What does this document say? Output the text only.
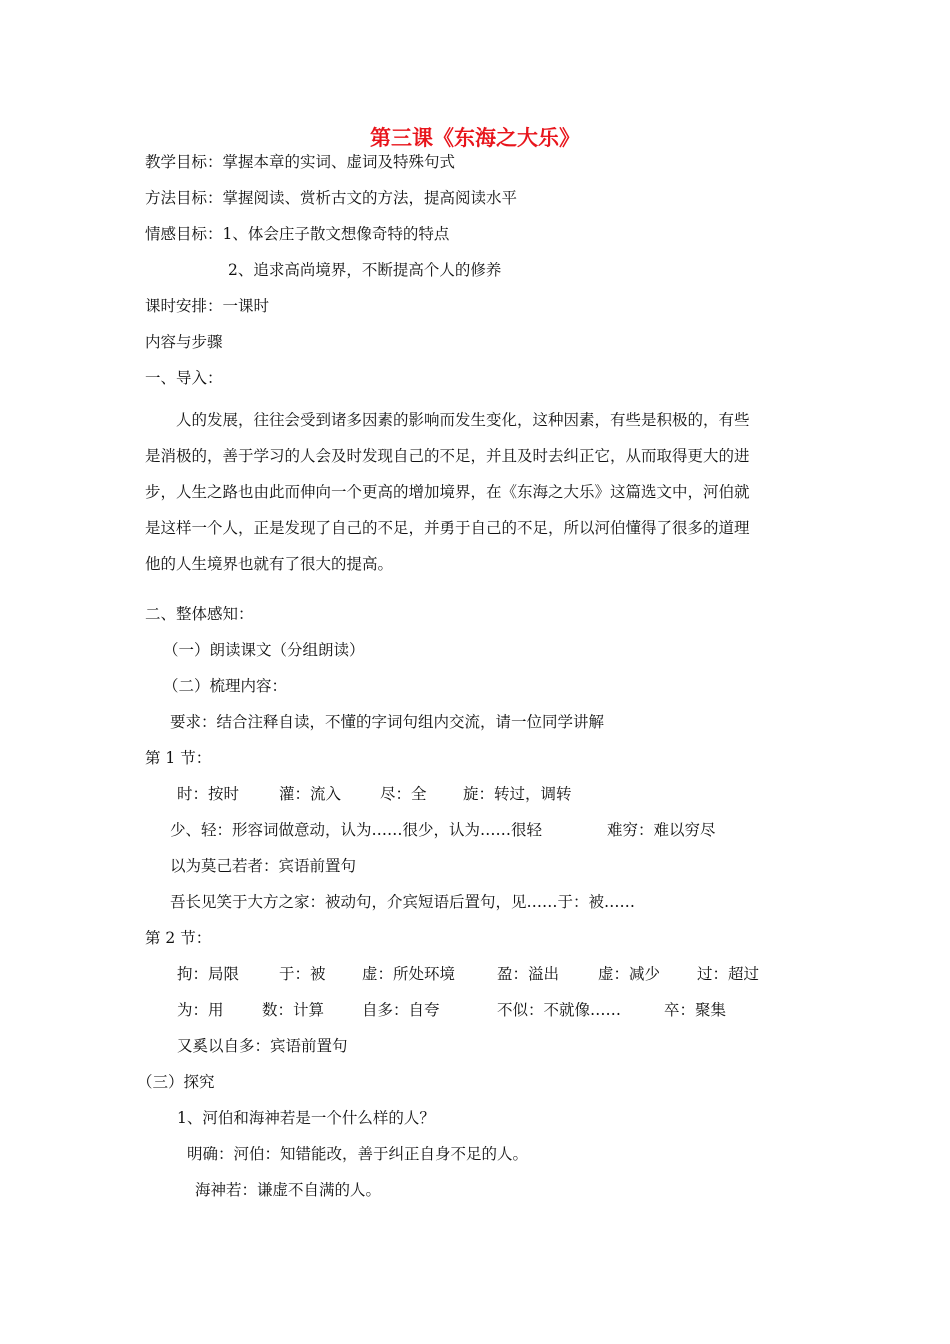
第三课《东海之大乐》
教学目标：掌握本章的实词、虚词及特殊句式
方法目标：掌握阅读、赏析古文的方法，提高阅读水平
情感目标：1、体会庄子散文想像奇特的特点
2、追求高尚境界，不断提高个人的修养
课时安排：一课时
内容与步骤
一、导入：
人的发展，往往会受到诸多因素的影响而发生变化，这种因素，有些是积极的，有些
是消极的，善于学习的人会及时发现自己的不足，并且及时去纠正它，从而取得更大的进
步，人生之路也由此而伸向一个更高的增加境界，在《东海之大乐》这篇选文中，河伯就
是这样一个人，正是发现了自己的不足，并勇于自己的不足，所以河伯懂得了很多的道理
他的人生境界也就有了很大的提高。
二、整体感知：
（一）朗读课文（分组朗读）
（二）梳理内容：
要求：结合注释自读，不懂的字词句组内交流，请一位同学讲解
第 1 节：
时：按时	灌：流入	尽：全 旋：转过，调转
少、轻：形容词做意动，认为……很少，认为……很轻	难穷：难以穷尽
以为莫己若者：宾语前置句
吾长见笑于大方之家：被动句，介宾短语后置句，见……于：被……
第 2 节：
拘：局限	于：被 虚：所处环境	盈：溢出	虚：减少 过：超过
为：用 数：计算 自多：自夸	不似：不就像……	卒：聚集
又奚以自多：宾语前置句
（三）探究
1、河伯和海神若是一个什么样的人？
明确：河伯：知错能改，善于纠正自身不足的人。
海神若：谦虚不自满的人。
